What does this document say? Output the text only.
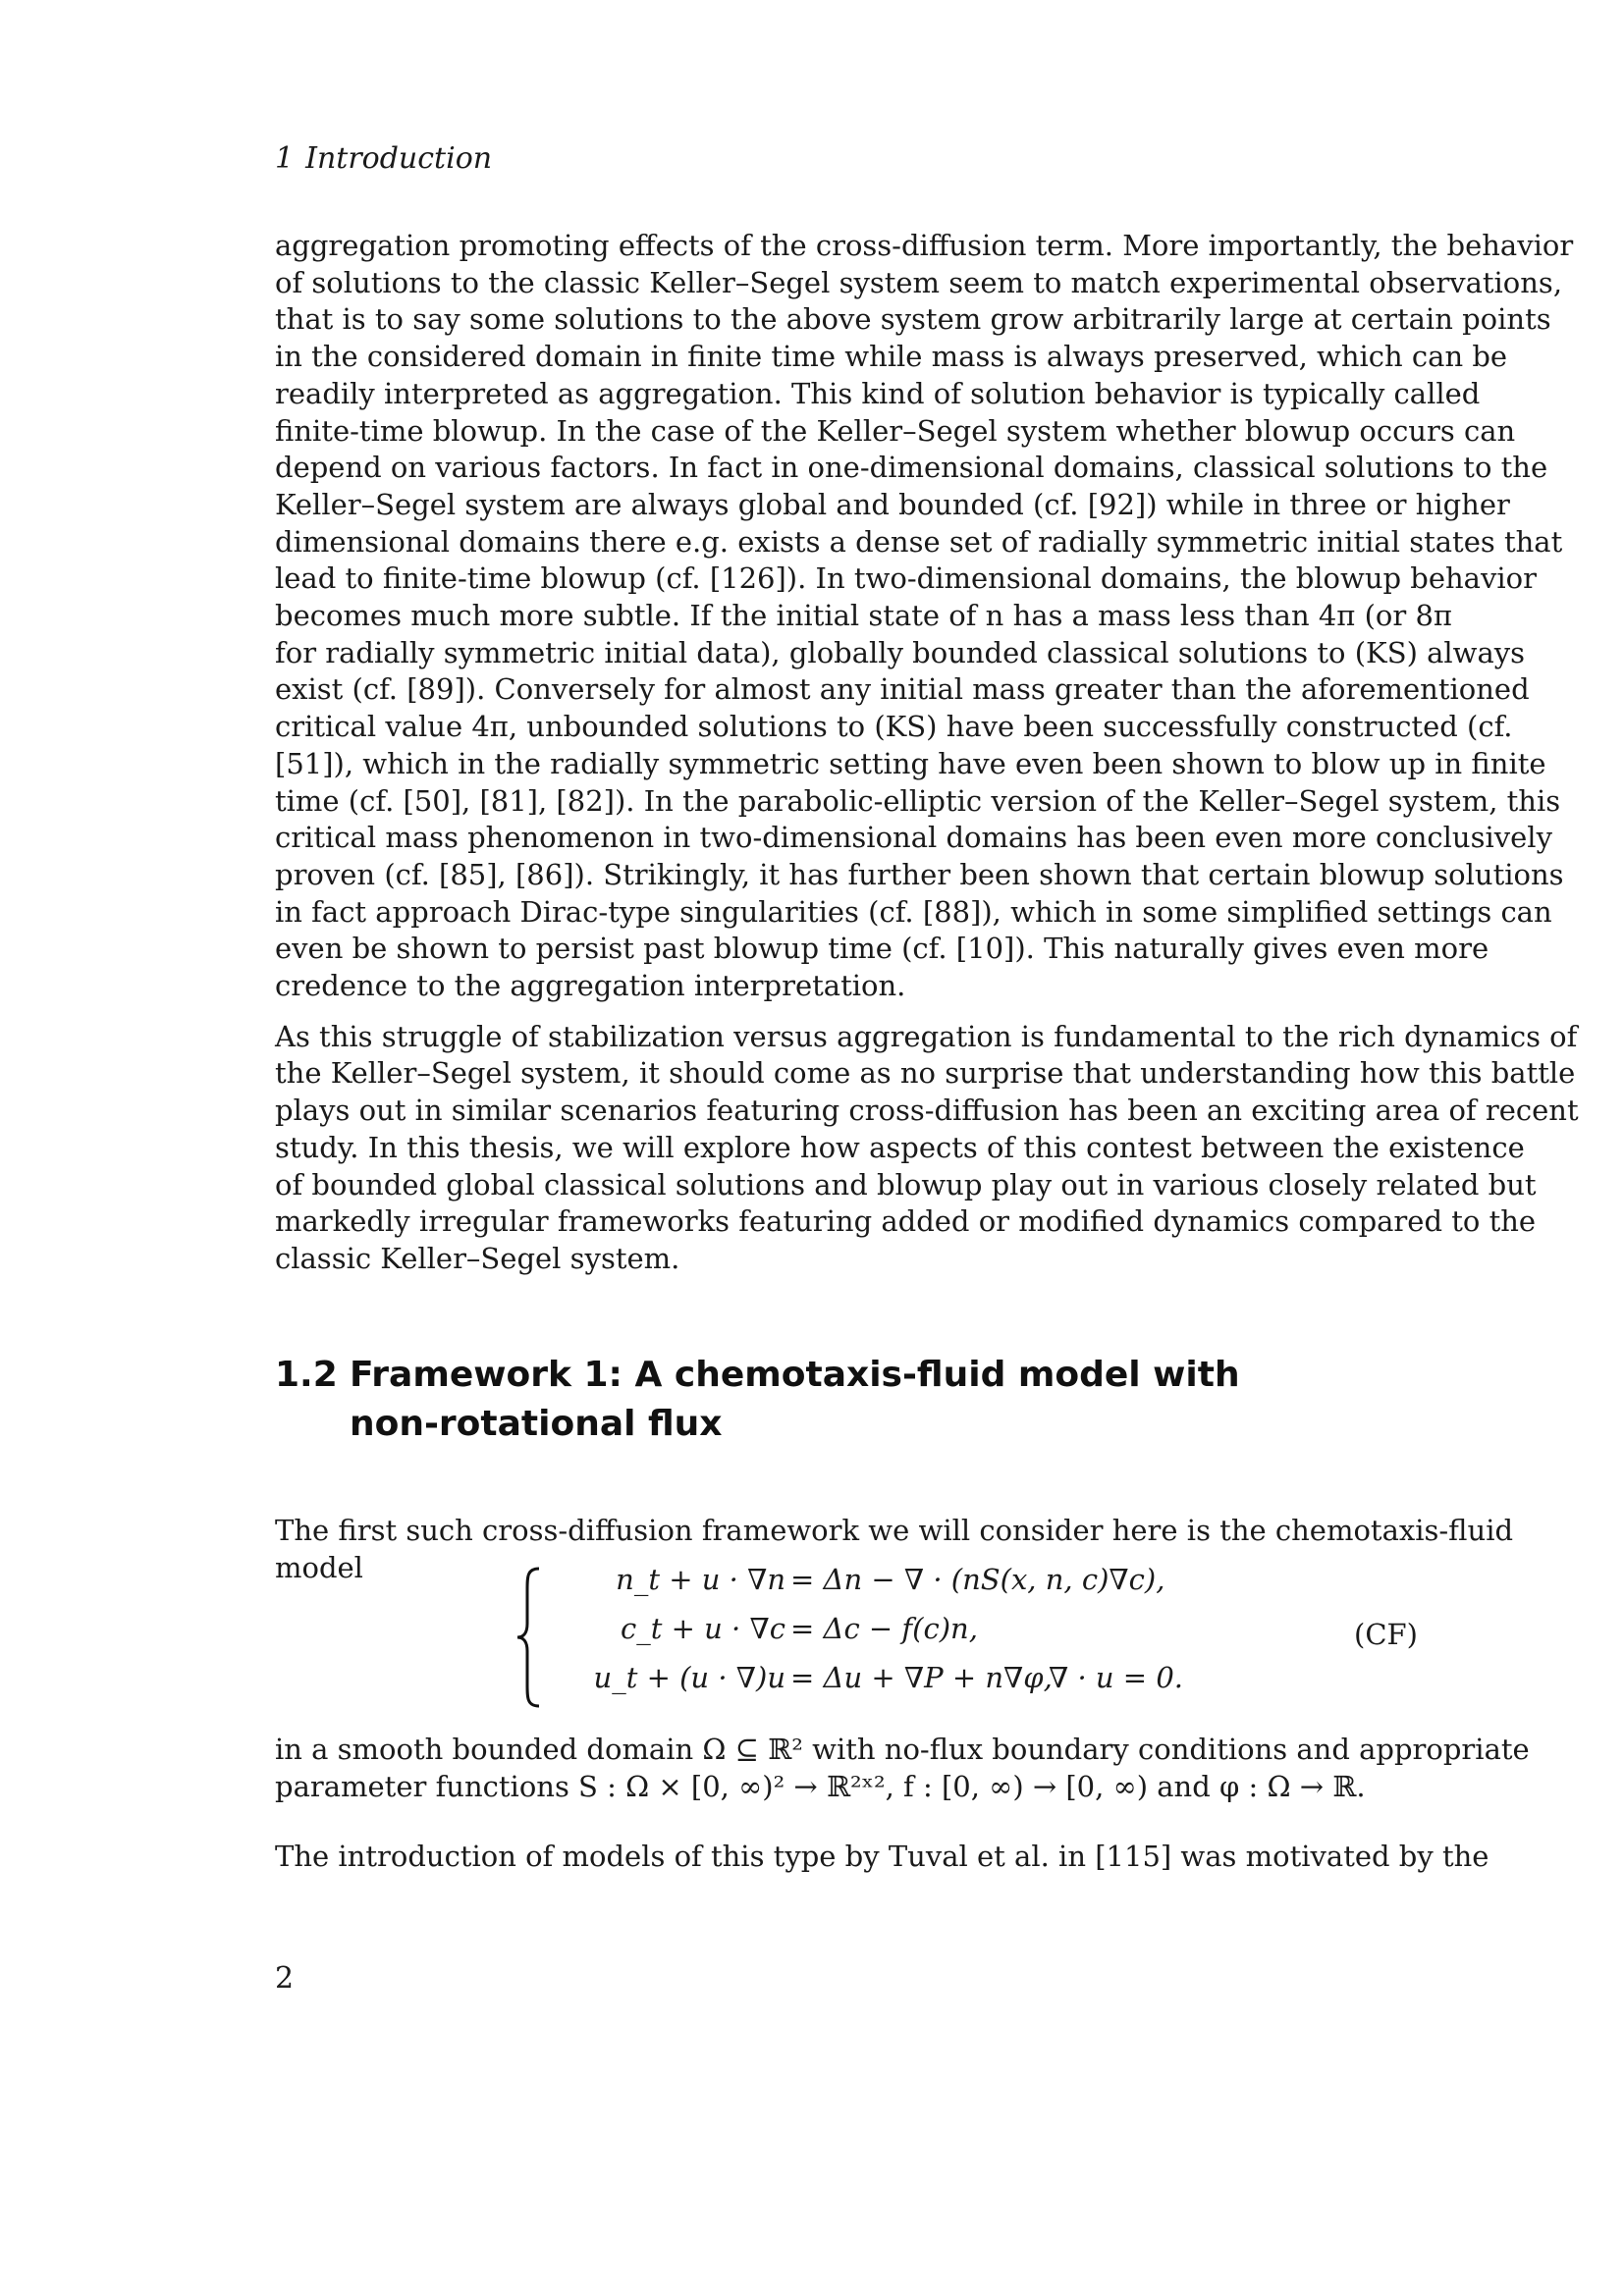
1 Introduction

aggregation promoting effects of the cross-diffusion term. More importantly, the behavior
of solutions to the classic Keller–Segel system seem to match experimental observations,
that is to say some solutions to the above system grow arbitrarily large at certain points
in the considered domain in finite time while mass is always preserved, which can be
readily interpreted as aggregation. This kind of solution behavior is typically called
finite-time blowup. In the case of the Keller–Segel system whether blowup occurs can
depend on various factors. In fact in one-dimensional domains, classical solutions to the
Keller–Segel system are always global and bounded (cf. [92]) while in three or higher
dimensional domains there e.g. exists a dense set of radially symmetric initial states that
lead to finite-time blowup (cf. [126]). In two-dimensional domains, the blowup behavior
becomes much more subtle. If the initial state of n has a mass less than 4π (or 8π
for radially symmetric initial data), globally bounded classical solutions to (KS) always
exist (cf. [89]). Conversely for almost any initial mass greater than the aforementioned
critical value 4π, unbounded solutions to (KS) have been successfully constructed (cf.
[51]), which in the radially symmetric setting have even been shown to blow up in finite
time (cf. [50], [81], [82]). In the parabolic-elliptic version of the Keller–Segel system, this
critical mass phenomenon in two-dimensional domains has been even more conclusively
proven (cf. [85], [86]). Strikingly, it has further been shown that certain blowup solutions
in fact approach Dirac-type singularities (cf. [88]), which in some simplified settings can
even be shown to persist past blowup time (cf. [10]). This naturally gives even more
credence to the aggregation interpretation.

As this struggle of stabilization versus aggregation is fundamental to the rich dynamics of
the Keller–Segel system, it should come as no surprise that understanding how this battle
plays out in similar scenarios featuring cross-diffusion has been an exciting area of recent
study. In this thesis, we will explore how aspects of this contest between the existence
of bounded global classical solutions and blowup play out in various closely related but
markedly irregular frameworks featuring added or modified dynamics compared to the
classic Keller–Segel system.

1.2 Framework 1: A chemotaxis-fluid model with
non-rotational flux

The first such cross-diffusion framework we will consider here is the chemotaxis-fluid
model	n_t + u · ∇n = Δn − ∇ · (nS(x, n, c)∇c),
c_t + u · ∇c = Δc − f(c)n,
u_t + (u · ∇)u = Δu + ∇P + n∇φ,
∇ · u = 0.
(CF)

in a smooth bounded domain Ω ⊆ ℝ² with no-flux boundary conditions and appropriate
parameter functions S : Ω × [0, ∞)² → ℝ²ˣ², f : [0, ∞) → [0, ∞) and φ : Ω → ℝ.

The introduction of models of this type by Tuval et al. in [115] was motivated by the

2
